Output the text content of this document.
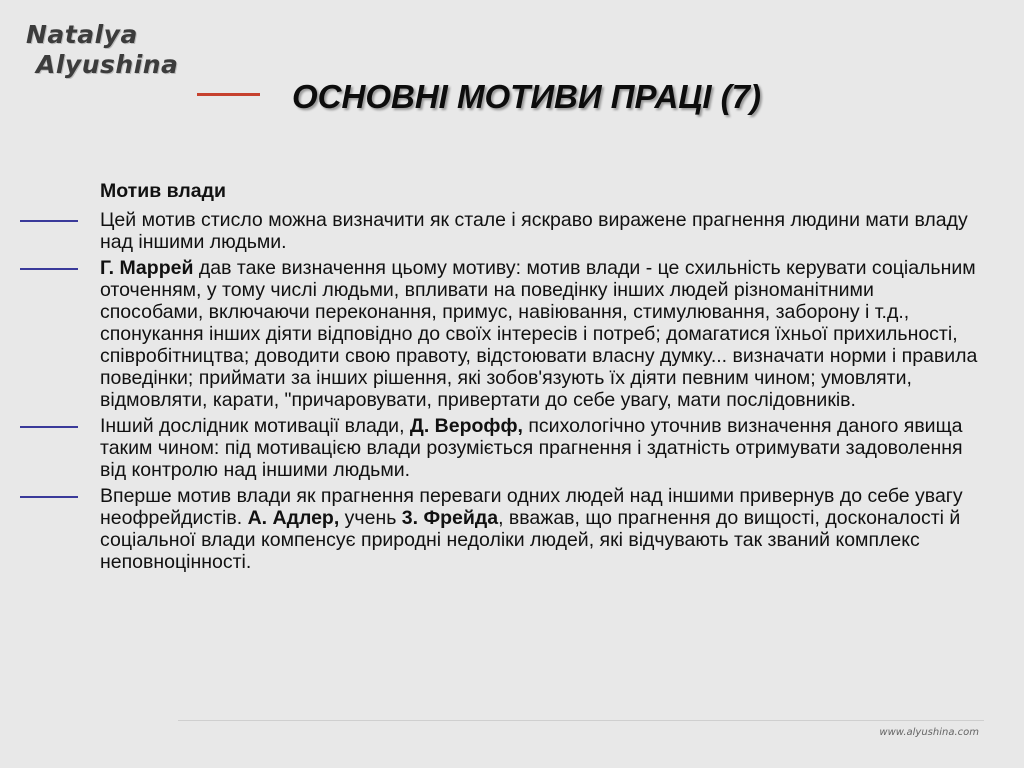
Natalya
Alyushina
ОСНОВНІ МОТИВИ ПРАЦІ (7)
Мотив влади
Цей мотив стисло можна визначити як стале і яскраво виражене прагнення людини мати владу над іншими людьми.
Г. Маррей дав таке визначення цьому мотиву: мотив влади - це схильність керувати соціальним оточенням, у тому числі людьми, впливати на поведінку інших людей різноманітними способами, включаючи переконання, примус, навіювання, стимулювання, заборону і т.д., спонукання інших діяти відповідно до своїх інтересів і потреб; домагатися їхньої прихильності, співробітництва; доводити свою правоту, відстоювати власну думку... визначати норми і правила поведінки; приймати за інших рішення, які зобов'язують їх діяти певним чином; умовляти, відмовляти, карати, "причаровувати, привертати до себе увагу, мати послідовників.
Інший дослідник мотивації влади, Д. Верофф, психологічно уточнив визначення даного явища таким чином: під мотивацією влади розуміється прагнення і здатність отримувати задоволення від контролю над іншими людьми.
Вперше мотив влади як прагнення переваги одних людей над іншими привернув до себе увагу неофрейдистів. А. Адлер, учень 3. Фрейда, вважав, що прагнення до вищості, досконалості й соціальної влади компенсує природні недоліки людей, які відчувають так званий комплекс неповноцінності.
www.alyushina.com
